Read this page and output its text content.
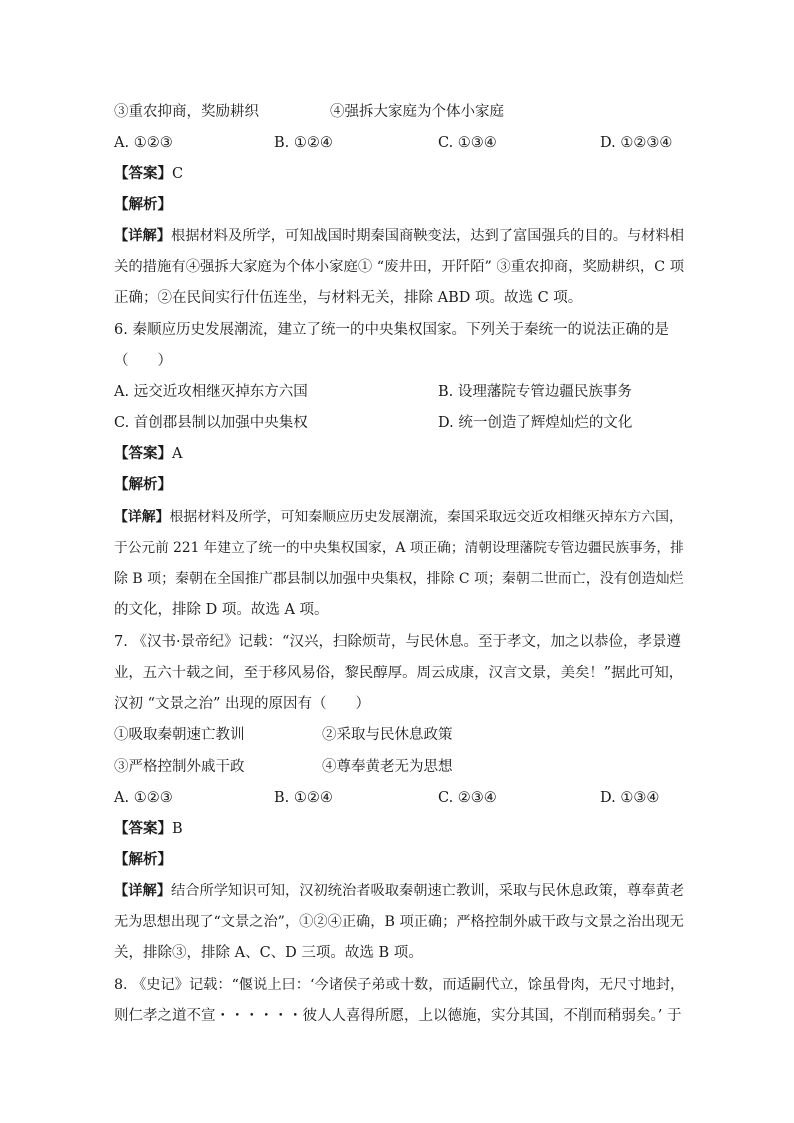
③重农抑商，奖励耕织	④强拆大家庭为个体小家庭
A. ①②③	B. ①②④	C. ①③④	D. ①②③④
【答案】C
【解析】
【详解】根据材料及所学，可知战国时期秦国商鞅变法，达到了富国强兵的目的。与材料相
关的措施有④强拆大家庭为个体小家庭① “废井田，开阡陌” ③重农抑商，奖励耕织，C 项
正确；②在民间实行什伍连坐，与材料无关，排除 ABD 项。故选 C 项。
6. 秦顺应历史发展潮流，建立了统一的中央集权国家。下列关于秦统一的说法正确的是
（　　）
A. 远交近攻相继灭掉东方六国	B. 设理藩院专管边疆民族事务
C. 首创郡县制以加强中央集权	D. 统一创造了辉煌灿烂的文化
【答案】A
【解析】
【详解】根据材料及所学，可知秦顺应历史发展潮流，秦国采取远交近攻相继灭掉东方六国，
于公元前 221 年建立了统一的中央集权国家，A 项正确；清朝设理藩院专管边疆民族事务，排
除 B 项；秦朝在全国推广郡县制以加强中央集权，排除 C 项；秦朝二世而亡，没有创造灿烂
的文化，排除 D 项。故选 A 项。
7. 《汉书·景帝纪》记载：“汉兴，扫除烦苛，与民休息。至于孝文，加之以恭俭，孝景遵
业，五六十载之间，至于移风易俗，黎民醇厚。周云成康，汉言文景，美矣！”据此可知，
汉初 “文景之治” 出现的原因有（　　）
①吸取秦朝速亡教训	②采取与民休息政策
③严格控制外戚干政	④尊奉黄老无为思想
A. ①②③	B. ①②④	C. ②③④	D. ①③④
【答案】B
【解析】
【详解】结合所学知识可知，汉初统治者吸取秦朝速亡教训，采取与民休息政策，尊奉黄老
无为思想出现了“文景之治”，①②④正确，B 项正确；严格控制外戚干政与文景之治出现无
关，排除③，排除 A、C、D 三项。故选 B 项。
8. 《史记》记载：“偃说上曰：‘今诸侯子弟或十数，而适嗣代立，馀虽骨肉，无尺寸地封，
则仁孝之道不宣・・・・・・彼人人喜得所愿，上以德施，实分其国，不削而稍弱矣。’ 于
